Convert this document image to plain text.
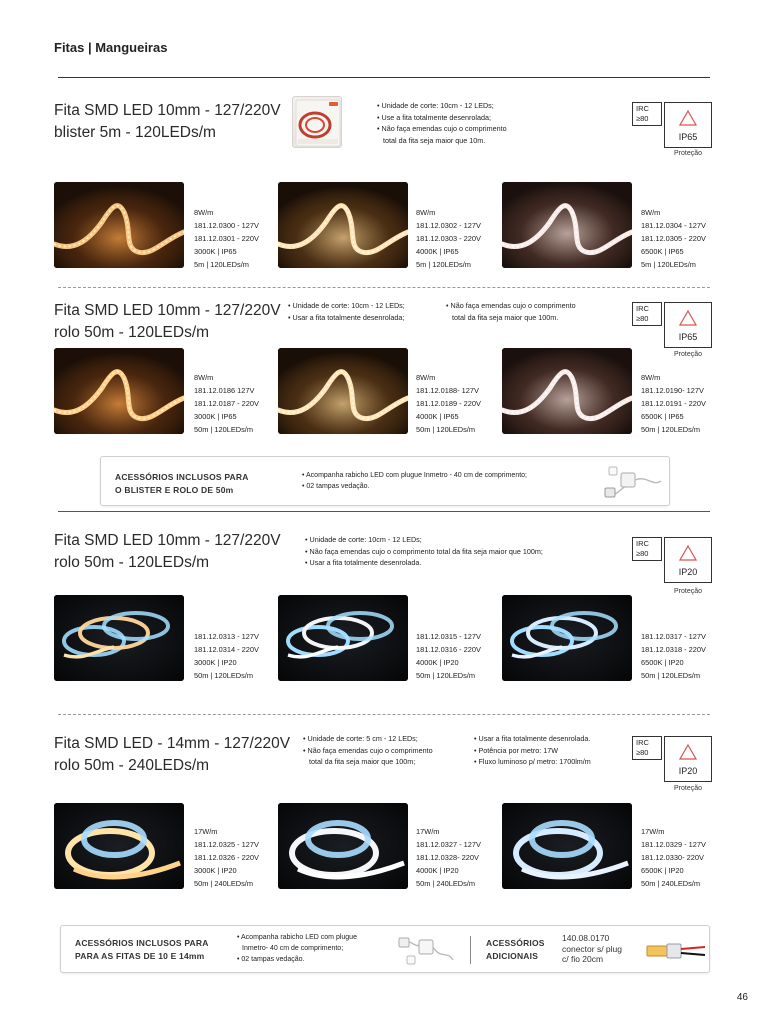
Fitas | Mangueiras
Fita SMD LED 10mm - 127/220V
blister 5m - 120LEDs/m
• Unidade de corte: 10cm - 12 LEDs;
• Use a fita totalmente desenrolada;
• Não faça emendas cujo o comprimento
total da fita seja maior que 10m.
IRC
≥80
IP65
Proteção
8W/m
181.12.0300 - 127V
181.12.0301 - 220V
3000K | IP65
5m | 120LEDs/m
8W/m
181.12.0302 - 127V
181.12.0303 - 220V
4000K | IP65
5m | 120LEDs/m
8W/m
181.12.0304 - 127V
181.12.0305 - 220V
6500K | IP65
5m | 120LEDs/m
Fita SMD LED 10mm - 127/220V
rolo 50m - 120LEDs/m
• Unidade de corte: 10cm - 12 LEDs;
• Usar a fita totalmente desenrolada;
• Não faça emendas cujo o comprimento
total da fita seja maior que 100m.
IRC
≥80
IP65
Proteção
8W/m
181.12.0186 127V
181.12.0187 - 220V
3000K | IP65
50m | 120LEDs/m
8W/m
181.12.0188- 127V
181.12.0189 - 220V
4000K | IP65
50m | 120LEDs/m
8W/m
181.12.0190- 127V
181.12.0191 - 220V
6500K | IP65
50m | 120LEDs/m
ACESSÓRIOS INCLUSOS PARA
O BLISTER E ROLO DE 50m
• Acompanha rabicho LED com plugue Inmetro - 40 cm de comprimento;
• 02 tampas vedação.
Fita SMD LED 10mm - 127/220V
rolo 50m - 120LEDs/m
• Unidade de corte: 10cm - 12 LEDs;
• Não faça emendas cujo o comprimento total da fita seja maior que 100m;
• Usar a fita totalmente desenrolada.
IRC
≥80
IP20
Proteção
181.12.0313 - 127V
181.12.0314 - 220V
3000K | IP20
50m | 120LEDs/m
181.12.0315 - 127V
181.12.0316 - 220V
4000K | IP20
50m | 120LEDs/m
181.12.0317 - 127V
181.12.0318 - 220V
6500K | IP20
50m | 120LEDs/m
Fita SMD LED - 14mm - 127/220V
rolo 50m - 240LEDs/m
• Unidade de corte: 5 cm - 12 LEDs;
• Não faça emendas cujo o comprimento
total da fita seja maior que 100m;
• Usar a fita totalmente desenrolada.
• Potência por metro: 17W
• Fluxo luminoso p/ metro: 1700lm/m
IRC
≥80
IP20
Proteção
17W/m
181.12.0325 - 127V
181.12.0326 - 220V
3000K | IP20
50m | 240LEDs/m
17W/m
181.12.0327 - 127V
181.12.0328- 220V
4000K | IP20
50m | 240LEDs/m
17W/m
181.12.0329 - 127V
181.12.0330- 220V
6500K | IP20
50m | 240LEDs/m
ACESSÓRIOS INCLUSOS PARA
PARA AS FITAS DE 10 E 14mm
• Acompanha rabicho LED com plugue
Inmetro- 40 cm de comprimento;
• 02 tampas vedação.
ACESSÓRIOS
ADICIONAIS
140.08.0170
conector s/ plug
c/ fio 20cm
46
